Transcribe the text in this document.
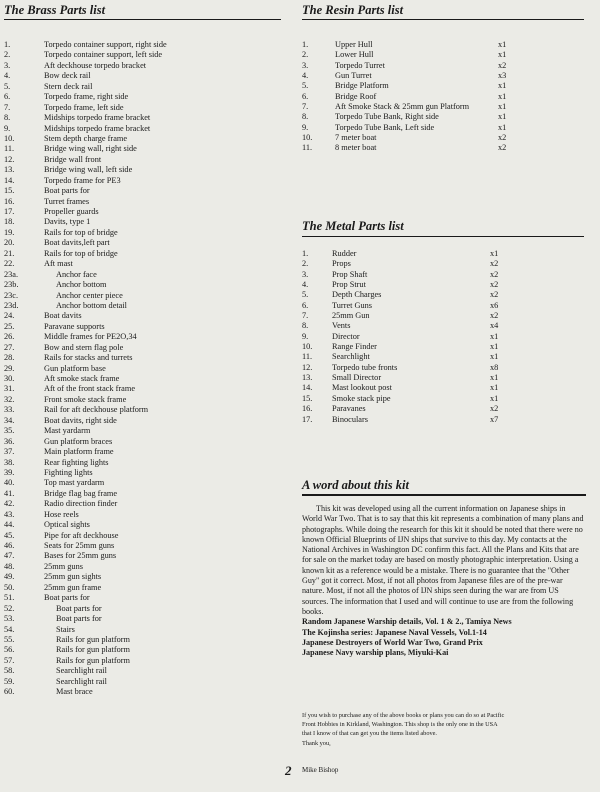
The Brass Parts list
1.	Torpedo container support, right side
2.	Torpedo container support, left side
3.	Aft deckhouse torpedo bracket
4.	Bow deck rail
5.	Stern deck rail
6.	Torpedo frame, right side
7.	Torpedo frame, left side
8.	Midships torpedo frame bracket
9.	Midships torpedo frame bracket
10.	Stem depth charge frame
11.	Bridge wing wall, right side
12.	Bridge wall front
13.	Bridge wing wall, left side
14.	Torpedo frame for PE3
15.	Boat parts for
16.	Turret frames
17.	Propeller guards
18.	Davits, type 1
19.	Rails for top of bridge
20.	Boat davits,left part
21.	Rails for top of bridge
22.	Aft mast
23a.	Anchor face
23b.	Anchor bottom
23c.	Anchor center piece
23d.	Anchor bottom detail
24.	Boat davits
25.	Paravane supports
26.	Middle frames for PE2O,34
27.	Bow and stern flag pole
28.	Rails for stacks and turrets
29.	Gun platform base
30.	Aft smoke stack frame
31.	Aft of the front stack frame
32.	Front smoke stack frame
33.	Rail for aft deckhouse platform
34.	Boat davits, right side
35.	Mast yardarm
36.	Gun platform braces
37.	Main platform frame
38.	Rear fighting lights
39.	Fighting lights
40.	Top mast yardarm
41.	Bridge flag bag frame
42.	Radio direction finder
43.	Hose reels
44.	Optical sights
45.	Pipe for aft deckhouse
46.	Seats for 25mm guns
47.	Bases for 25mm guns
48.	25mm guns
49.	25mm gun sights
50.	25mm gun frame
51.	Boat parts for
52.	Boat parts for
53.	Boat parts for
54.	Stairs
55.	Rails for gun platform
56.	Rails for gun platform
57.	Rails for gun platform
58.	Searchlight rail
59.	Searchlight rail
60.	Mast brace
The Resin Parts list
1.	Upper Hull	x1
2.	Lower Hull	x1
3.	Torpedo Turret	x2
4.	Gun Turret	x3
5.	Bridge Platform	x1
6.	Bridge Roof	x1
7.	Aft Smoke Stack & 25mm gun Platform	x1
8.	Torpedo Tube Bank, Right side	x1
9.	Torpedo Tube Bank, Left side	x1
10.	7 meter boat	x2
11.	8 meter boat	x2
The Metal Parts list
1.	Rudder	x1
2.	Props	x2
3.	Prop Shaft	x2
4.	Prop Strut	x2
5.	Depth Charges	x2
6.	Turret Guns	x6
7.	25mm Gun	x2
8.	Vents	x4
9.	Director	x1
10. Range Finder	x1
11. Searchlight	x1
12. Torpedo tube fronts	x8
13. Small Director	x1
14. Mast lookout post	x1
15. Smoke stack pipe	x1
16. Paravanes	x2
17. Binoculars	x7
A word about this kit

This kit was developed using all the current information on Japanese ships in World War Two. That is to say that this kit represents a combination of many plans and photographs. While doing the research for this kit it should be noted that there were no known Official Blueprints of IJN ships that survive to this day. My contacts at the National Archives in Washington DC confirm this fact. All the Plans and Kits that are for sale on the market today are based on mostly photographic interpretation. Using a known kit as a reference would be a mistake. There is no guarantee that the "Other Guy" got it correct. Most, if not all photos from Japanese files are of the pre-war nature. Most, if not all the photos of IJN ships seen during the war are from US sources. The information that I used and will continue to use are from the following books.

Random Japanese Warship details, Vol. 1 & 2., Tamiya News
The Kojinsha series: Japanese Naval Vessels, Vol.1-14
Japanese Destroyers of World War Two, Grand Prix
Japanese Navy warship plans, Miyuki-Kai
If you wish to purchase any of the above books or plans you can do so at Pacific
Front Hobbies in Kirkland, Washington. This shop is the only one in the USA
that I know of that can get you the items listed above.
Thank you,
2 Mike Bishop
